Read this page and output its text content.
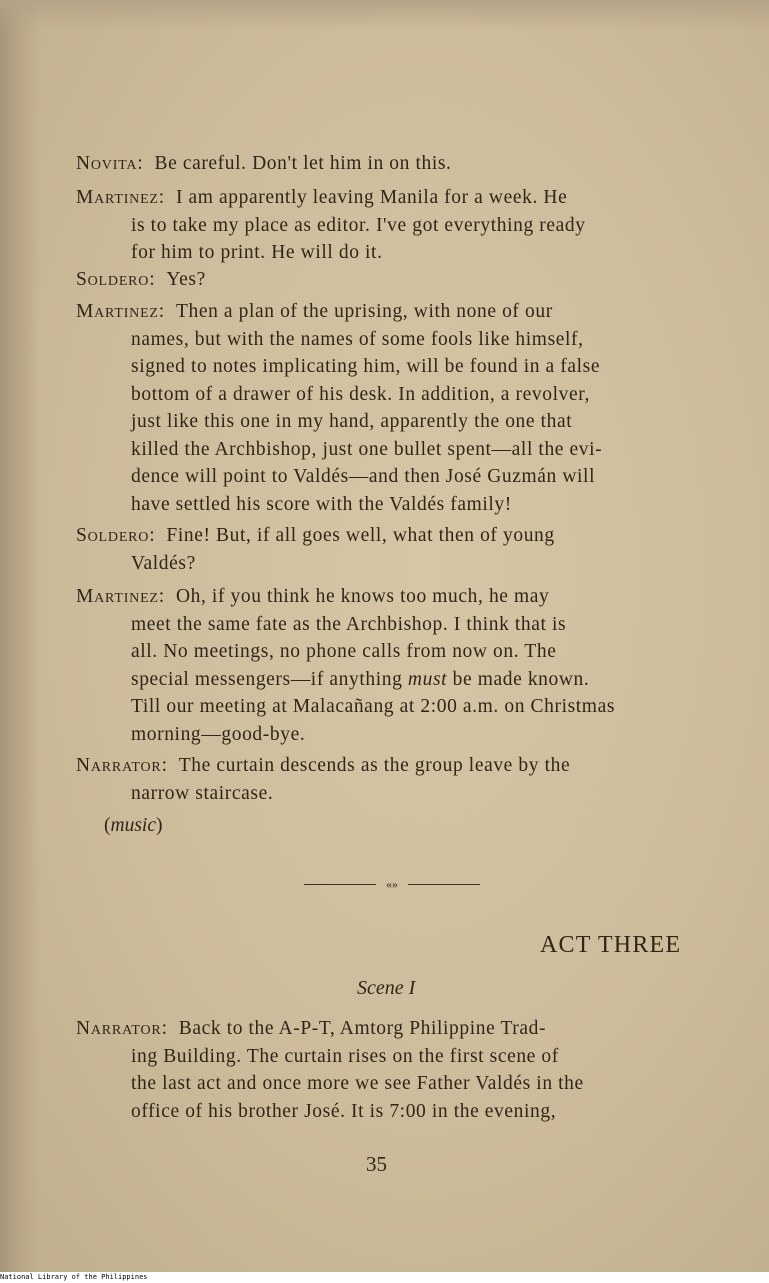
Novita: Be careful. Don't let him in on this.

Martinez: I am apparently leaving Manila for a week. He
is to take my place as editor. I've got everything ready
for him to print. He will do it.

Soldero: Yes?

Martinez: Then a plan of the uprising, with none of our
names, but with the names of some fools like himself,
signed to notes implicating him, will be found in a false
bottom of a drawer of his desk. In addition, a revolver,
just like this one in my hand, apparently the one that
killed the Archbishop, just one bullet spent—all the evi-
dence will point to Valdés—and then José Guzmán will
have settled his score with the Valdés family!

Soldero: Fine! But, if all goes well, what then of young
Valdés?

Martinez: Oh, if you think he knows too much, he may
meet the same fate as the Archbishop. I think that is
all. No meetings, no phone calls from now on. The
special messengers—if anything must be made known.
Till our meeting at Malacañang at 2:00 a.m. on Christmas
morning—good-bye.

Narrator: The curtain descends as the group leave by the
narrow staircase.

(music)
«»
ACT THREE
Scene I

Narrator: Back to the A-P-T, Amtorg Philippine Trad-
ing Building. The curtain rises on the first scene of
the last act and once more we see Father Valdés in the
office of his brother José. It is 7:00 in the evening,

35
National Library of the Philippines
